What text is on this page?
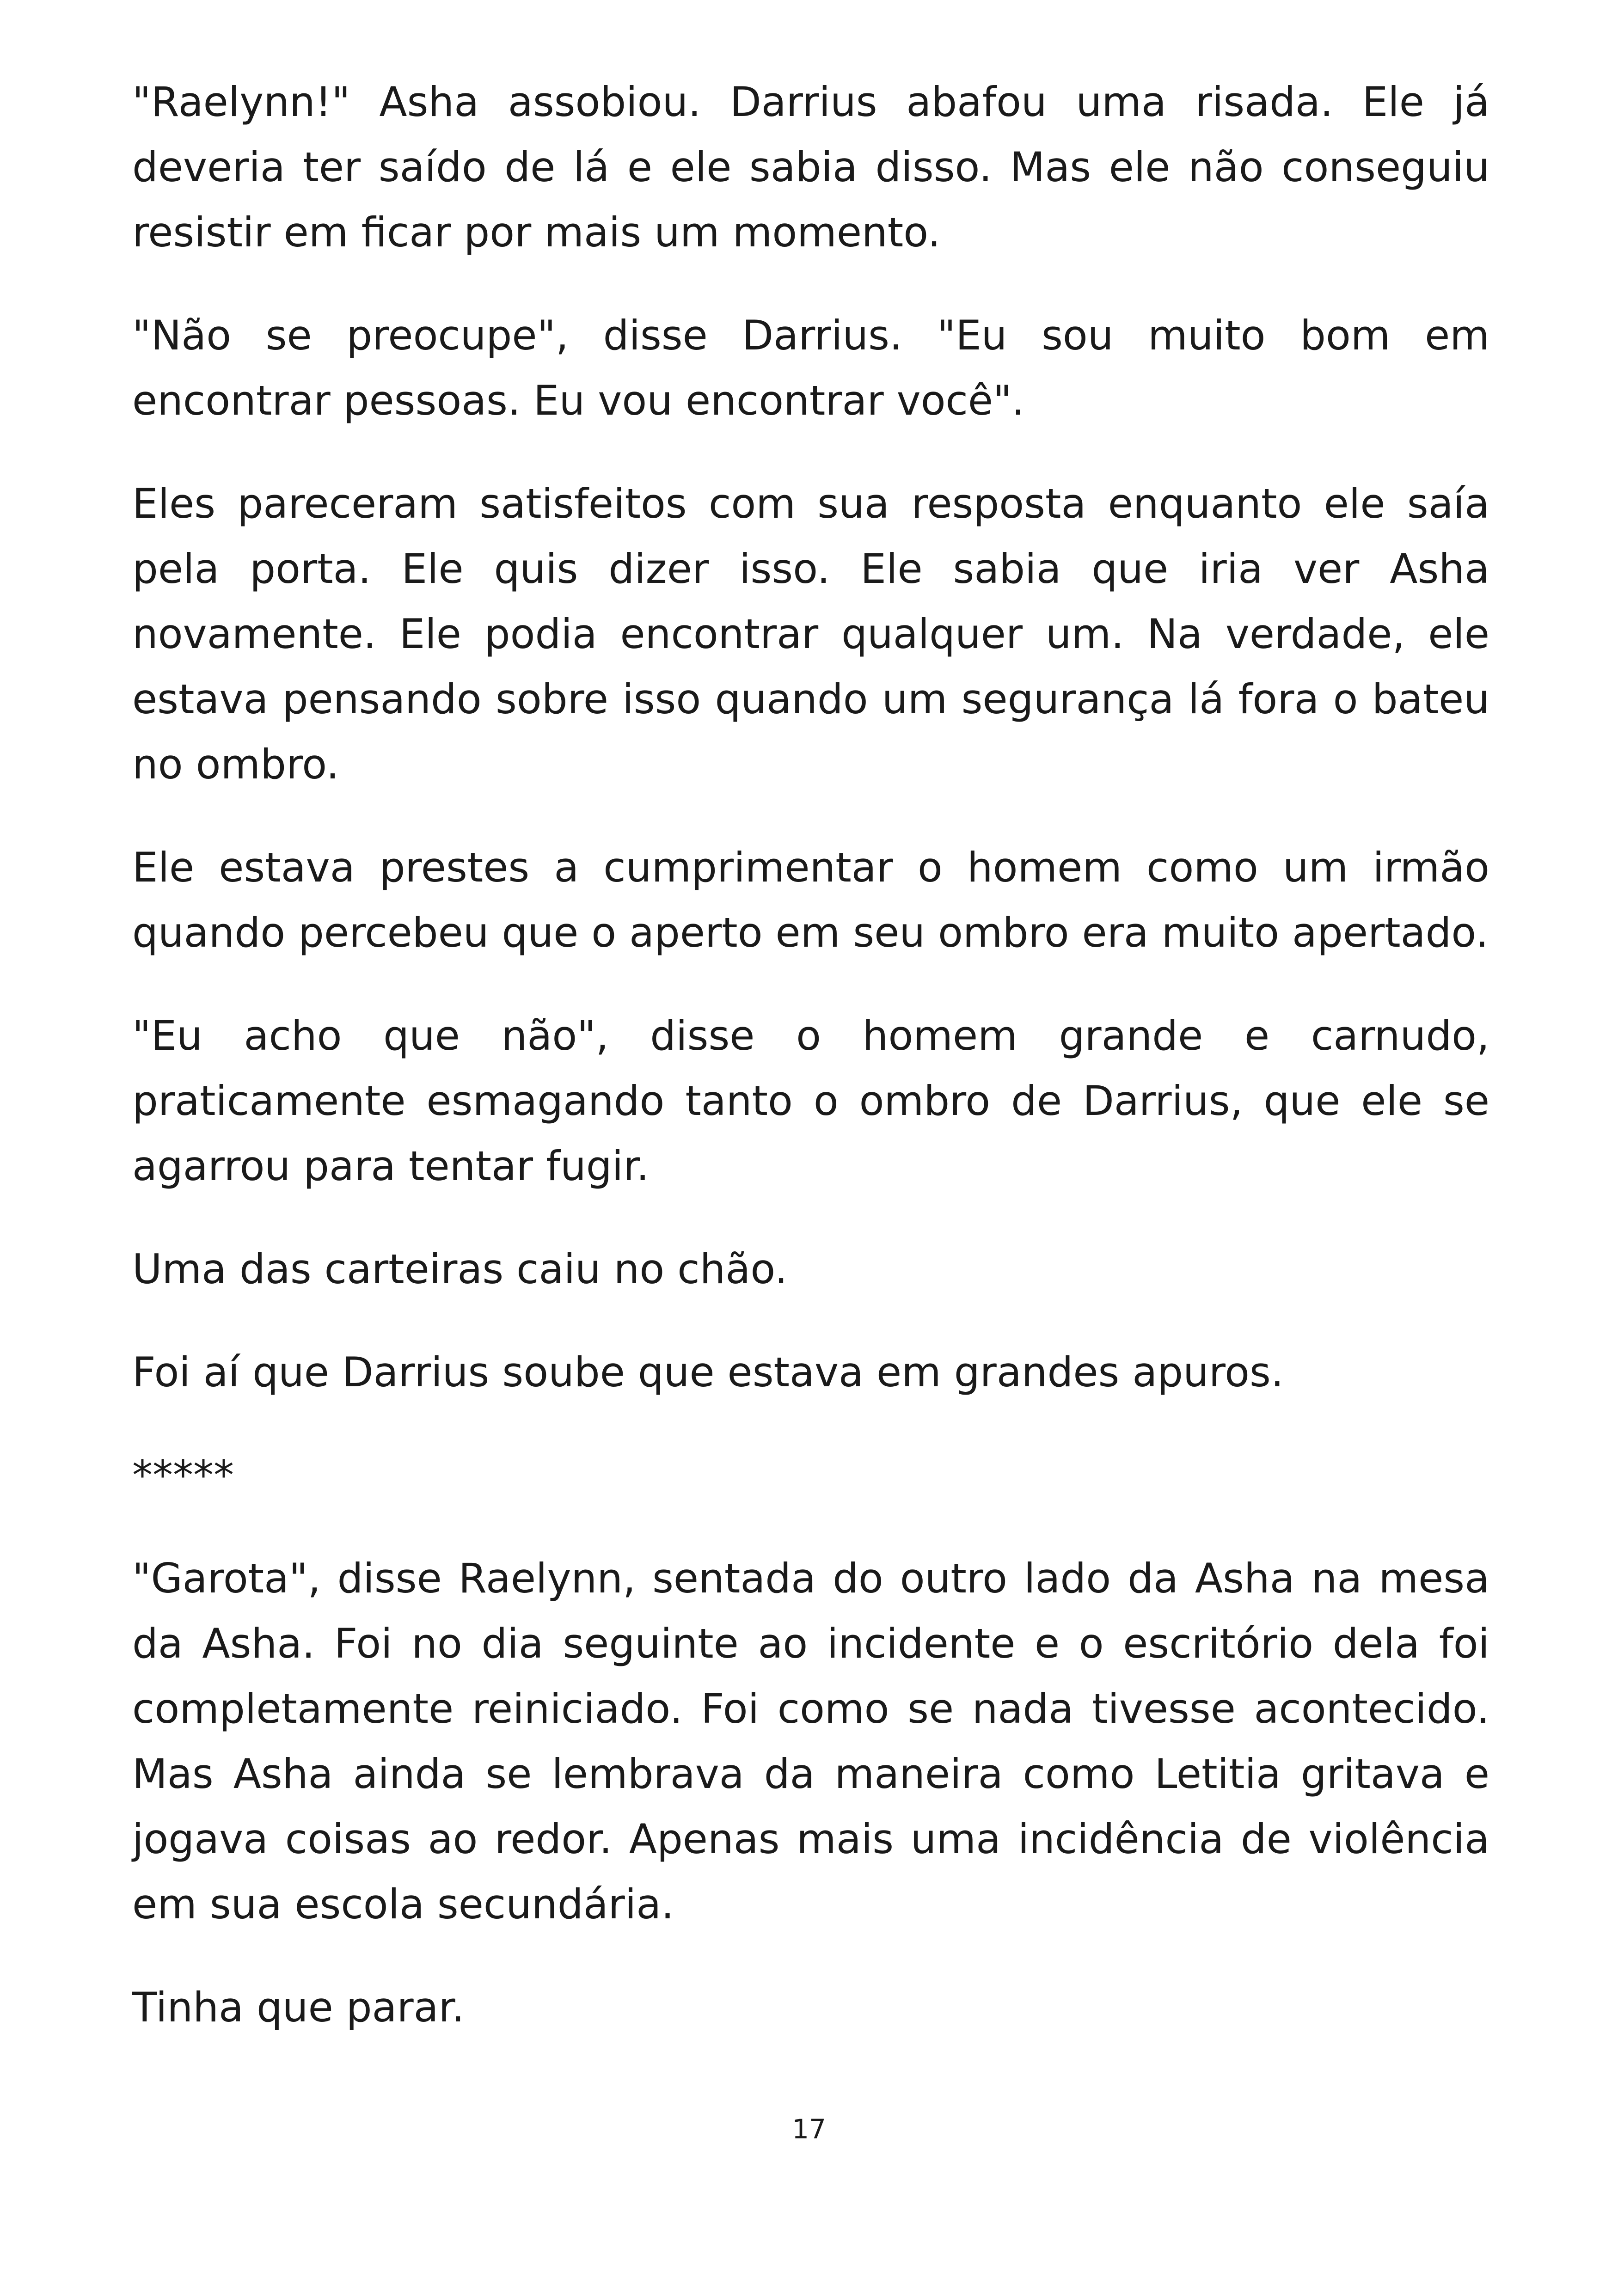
"Raelynn!" Asha assobiou. Darrius abafou uma risada. Ele já deveria ter saído de lá e ele sabia disso. Mas ele não conseguiu resistir em ficar por mais um momento.

"Não se preocupe", disse Darrius. "Eu sou muito bom em encontrar pessoas. Eu vou encontrar você".

Eles pareceram satisfeitos com sua resposta enquanto ele saía pela porta. Ele quis dizer isso. Ele sabia que iria ver Asha novamente. Ele podia encontrar qualquer um. Na verdade, ele estava pensando sobre isso quando um segurança lá fora o bateu no ombro.

Ele estava prestes a cumprimentar o homem como um irmão quando percebeu que o aperto em seu ombro era muito apertado.

"Eu acho que não", disse o homem grande e carnudo, praticamente esmagando tanto o ombro de Darrius, que ele se agarrou para tentar fugir.

Uma das carteiras caiu no chão.

Foi aí que Darrius soube que estava em grandes apuros.

*****

"Garota", disse Raelynn, sentada do outro lado da Asha na mesa da Asha. Foi no dia seguinte ao incidente e o escritório dela foi completamente reiniciado. Foi como se nada tivesse acontecido. Mas Asha ainda se lembrava da maneira como Letitia gritava e jogava coisas ao redor. Apenas mais uma incidência de violência em sua escola secundária.

Tinha que parar.

17
